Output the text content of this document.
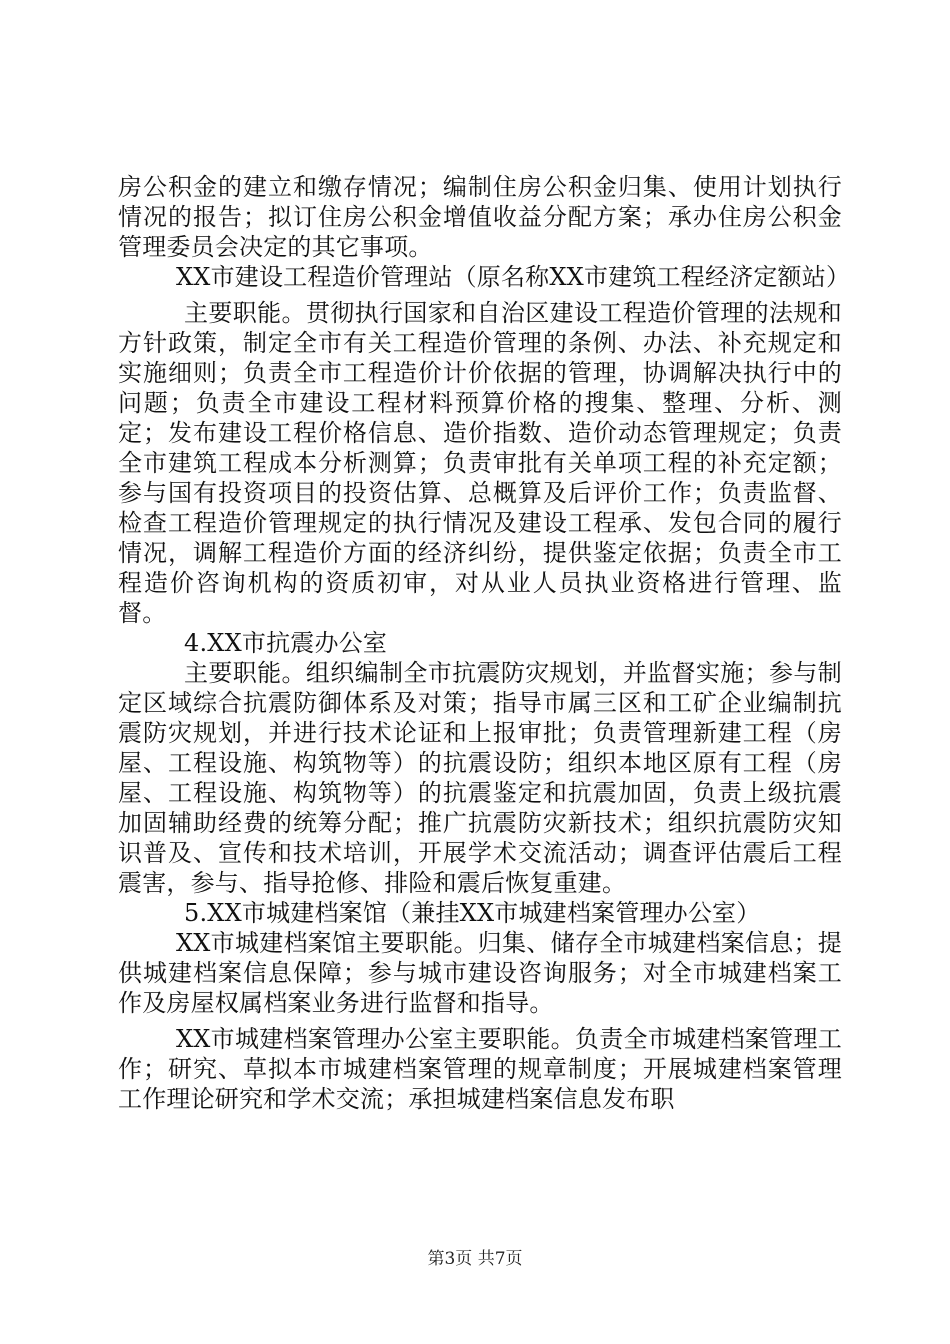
房公积金的建立和缴存情况；编制住房公积金归集、使用计划执行情况的报告；拟订住房公积金增值收益分配方案；承办住房公积金管理委员会决定的其它事项。

XX市建设工程造价管理站（原名称XX市建筑工程经济定额站）

主要职能。贯彻执行国家和自治区建设工程造价管理的法规和方针政策，制定全市有关工程造价管理的条例、办法、补充规定和实施细则；负责全市工程造价计价依据的管理，协调解决执行中的问题；负责全市建设工程材料预算价格的搜集、整理、分析、测定；发布建设工程价格信息、造价指数、造价动态管理规定；负责全市建筑工程成本分析测算；负责审批有关单项工程的补充定额；参与国有投资项目的投资估算、总概算及后评价工作；负责监督、检查工程造价管理规定的执行情况及建设工程承、发包合同的履行情况，调解工程造价方面的经济纠纷，提供鉴定依据；负责全市工程造价咨询机构的资质初审，对从业人员执业资格进行管理、监督。

4.XX市抗震办公室

主要职能。组织编制全市抗震防灾规划，并监督实施；参与制定区域综合抗震防御体系及对策；指导市属三区和工矿企业编制抗震防灾规划，并进行技术论证和上报审批；负责管理新建工程（房屋、工程设施、构筑物等）的抗震设防；组织本地区原有工程（房屋、工程设施、构筑物等）的抗震鉴定和抗震加固，负责上级抗震加固辅助经费的统筹分配；推广抗震防灾新技术；组织抗震防灾知识普及、宣传和技术培训，开展学术交流活动；调查评估震后工程震害，参与、指导抢修、排险和震后恢复重建。

5.XX市城建档案馆（兼挂XX市城建档案管理办公室）

XX市城建档案馆主要职能。归集、储存全市城建档案信息；提供城建档案信息保障；参与城市建设咨询服务；对全市城建档案工作及房屋权属档案业务进行监督和指导。

XX市城建档案管理办公室主要职能。负责全市城建档案管理工作；研究、草拟本市城建档案管理的规章制度；开展城建档案管理工作理论研究和学术交流；承担城建档案信息发布职

第3页 共7页
